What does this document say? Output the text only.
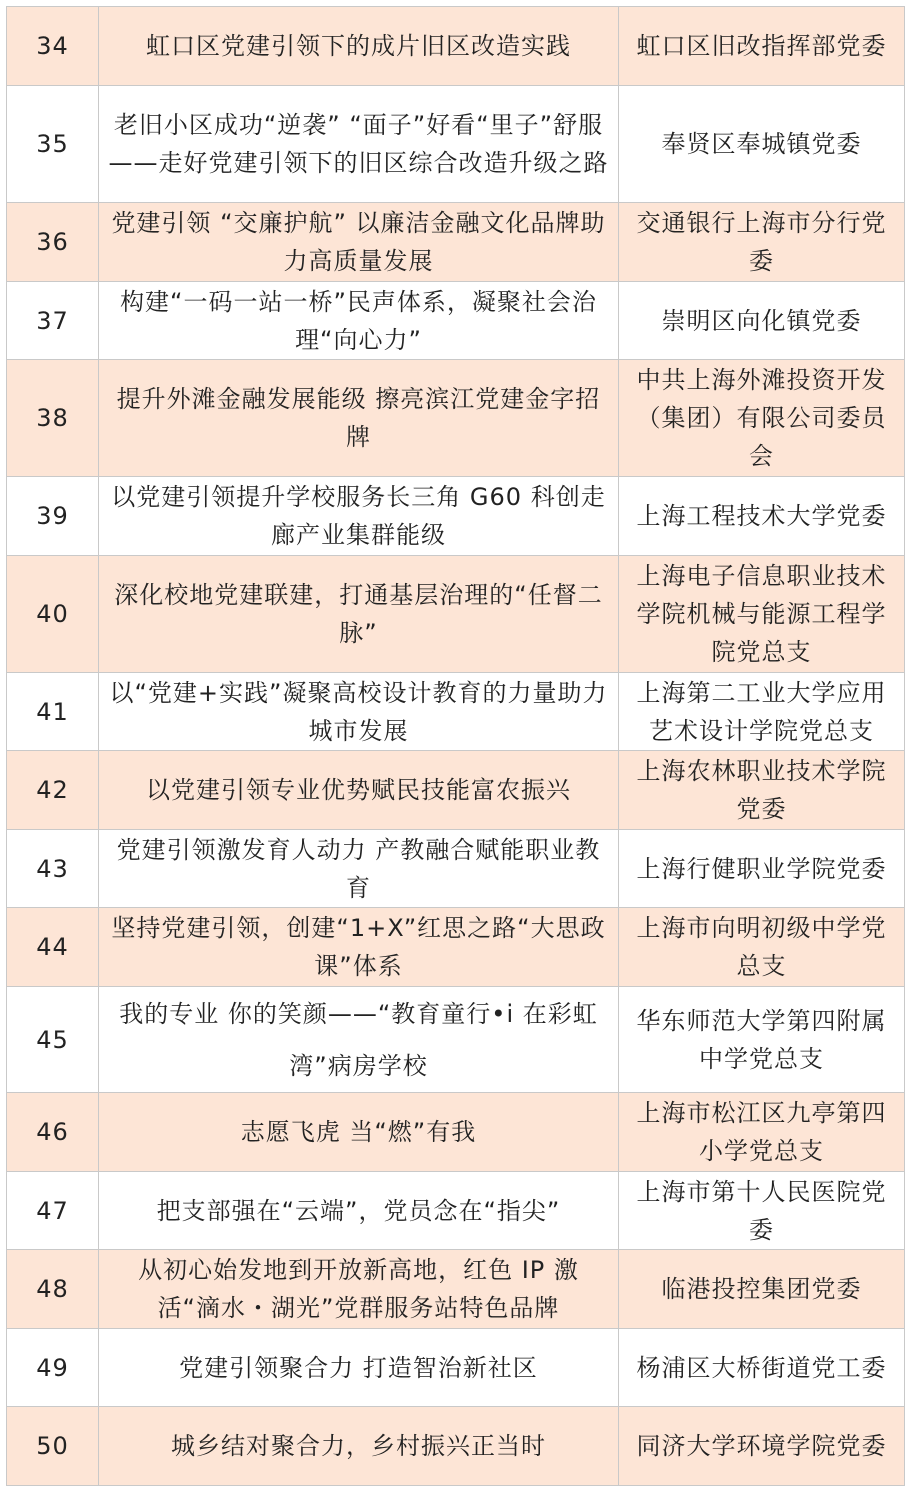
34	虹口区党建引领下的成片旧区改造实践	虹口区旧改指挥部党委
35	老旧小区成功“逆袭” “面子”好看“里子”舒服——走好党建引领下的旧区综合改造升级之路	奉贤区奉城镇党委
36	党建引领 “交廉护航” 以廉洁金融文化品牌助力高质量发展	交通银行上海市分行党委
37	构建“一码一站一桥”民声体系，凝聚社会治理“向心力”	崇明区向化镇党委
38	提升外滩金融发展能级 擦亮滨江党建金字招牌	中共上海外滩投资开发（集团）有限公司委员会
39	以党建引领提升学校服务长三角 G60 科创走廊产业集群能级	上海工程技术大学党委
40	深化校地党建联建，打通基层治理的“任督二脉”	上海电子信息职业技术学院机械与能源工程学院党总支
41	以“党建+实践”凝聚高校设计教育的力量助力城市发展	上海第二工业大学应用艺术设计学院党总支
42	以党建引领专业优势赋民技能富农振兴	上海农林职业技术学院党委
43	党建引领激发育人动力 产教融合赋能职业教育	上海行健职业学院党委
44	坚持党建引领，创建“1+X”红思之路“大思政课”体系	上海市向明初级中学党总支
45	我的专业 你的笑颜——“教育童行•i 在彩虹湾”病房学校	华东师范大学第四附属中学党总支
46	志愿飞虎 当“燃”有我	上海市松江区九亭第四小学党总支
47	把支部强在“云端”，党员念在“指尖”	上海市第十人民医院党委
48	从初心始发地到开放新高地，红色 IP 激活“滴水・湖光”党群服务站特色品牌	临港投控集团党委
49	党建引领聚合力 打造智治新社区	杨浦区大桥街道党工委
50	城乡结对聚合力，乡村振兴正当时	同济大学环境学院党委
